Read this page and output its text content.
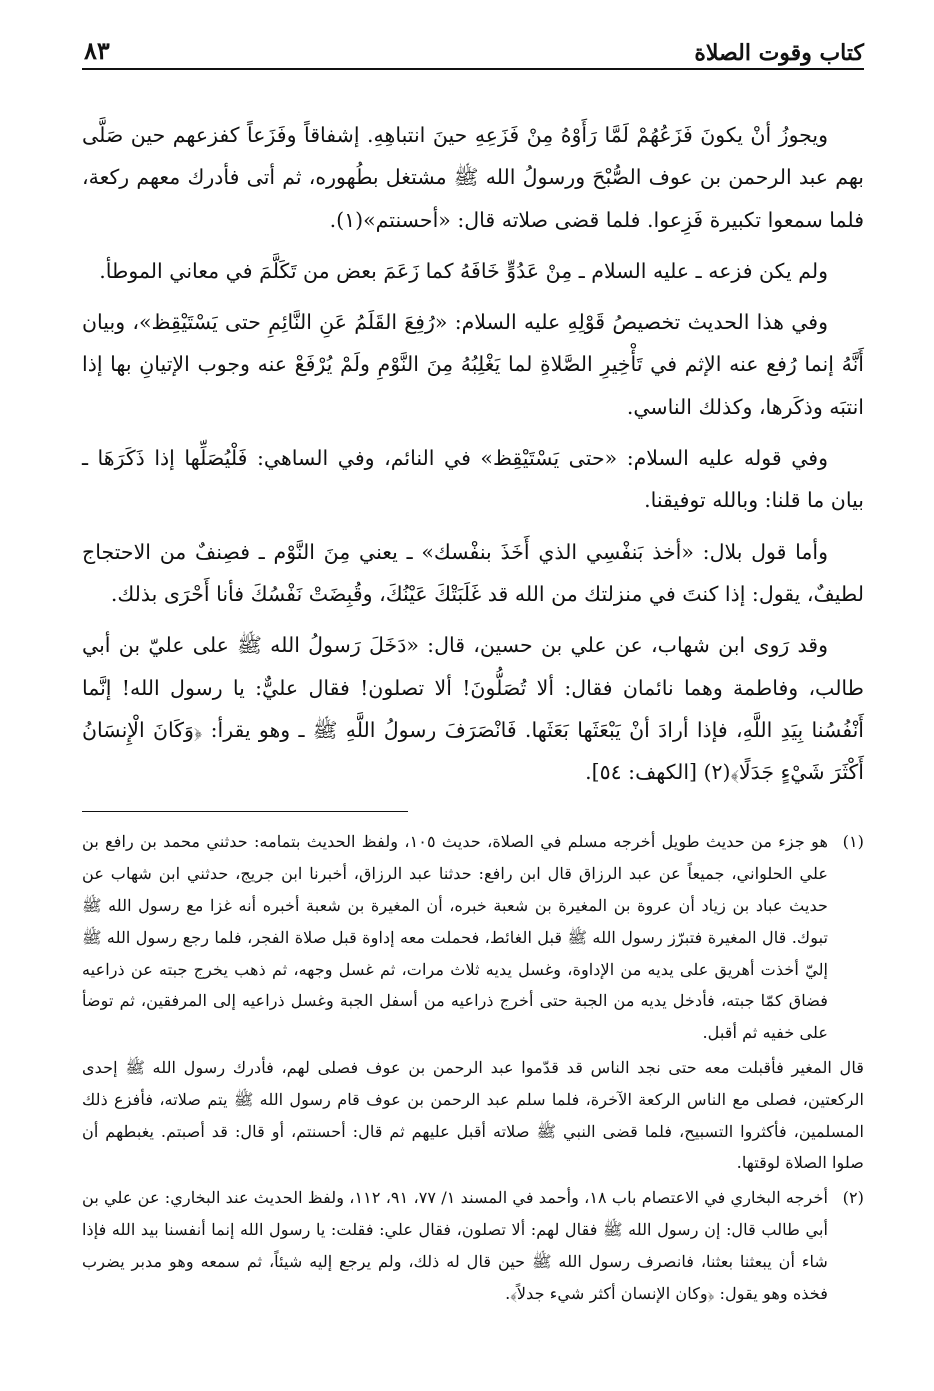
كتاب وقوت الصلاة
٨٣

ويجوزُ أنْ يكونَ فَزَعُهُمْ لَمَّا رَأَوْهُ مِنْ فَزَعِهِ حينَ انتباهِهِ. إشفاقاً وفَزَعاً كفزعهم حين صَلَّى بهم عبد الرحمن بن عوف الصُّبْحَ ورسولُ الله ﷺ مشتغل بطُهوره، ثم أتى فأدرك معهم ركعة، فلما سمعوا تكبيرة فَزِعوا. فلما قضى صلاته قال: «أحسنتم»(١).

ولم يكن فزعه ـ عليه السلام ـ مِنْ عَدُوٍّ خَافَهُ كما زَعَمَ بعض من تَكَلَّمَ في معاني الموطأ.

وفي هذا الحديث تخصيصُ قَوْلِهِ عليه السلام: «رُفِعَ القَلَمُ عَنِ النَّائِمِ حتى يَسْتَيْقِظ»، وبيان أَنَّهُ إنما رُفع عنه الإثم في تَأْخِيرِ الصَّلاةِ لما يَغْلِبُهُ مِنَ النَّوْمِ ولَمْ يُرْفَعْ عنه وجوب الإتيانِ بها إذا انتبَه وذكَرها، وكذلك الناسي.

وفي قوله عليه السلام: «حتى يَسْتَيْقِظ» في النائم، وفي الساهي: فَلْيُصَلِّها إذا ذَكَرَهَا ـ بيان ما قلنا: وبالله توفيقنا.

وأما قول بلال: «أخذ بَنفْسِي الذي أَخَذَ بنفْسك» ـ يعني مِنَ النَّوْم ـ فصِنفٌ من الاحتجاج لطيفٌ، يقول: إذا كنتَ في منزلتك من الله قد غَلَبَتْكَ عَيْنُكَ، وقُبِضَتْ نَفْسُكَ فأنا أَحْرَى بذلك.

وقد رَوى ابن شهاب، عن علي بن حسين، قال: «دَخَلَ رَسولُ الله ﷺ على عليّ بن أبي طالب، وفاطمة وهما نائمان فقال: ألا تُصَلُّونَ! ألا تصلون! فقال عليٌّ: يا رسول الله! إنَّما أَنْفُسُنا بِيَدِ اللَّهِ، فإذا أرادَ أنْ يَبْعَثَها بَعَثَها. فَانْصَرَفَ رسولُ اللَّهِ ﷺ ـ وهو يقرأ: ﴿وَكَانَ الْإِنسَانُ أَكْثَرَ شَيْءٍ جَدَلًا﴾(٢) [الكهف: ٥٤].

(١)
هو جزء من حديث طويل أخرجه مسلم في الصلاة، حديث ١٠٥، ولفظ الحديث بتمامه: حدثني محمد بن رافع بن علي الحلواني، جميعاً عن عبد الرزاق قال ابن رافع: حدثنا عبد الرزاق، أخبرنا ابن جريج، حدثني ابن شهاب عن حديث عباد بن زياد أن عروة بن المغيرة بن شعبة خبره، أن المغيرة بن شعبة أخبره أنه غزا مع رسول الله ﷺ تبوك. قال المغيرة فتبرّز رسول الله ﷺ قبل الغائط، فحملت معه إداوة قبل صلاة الفجر، فلما رجع رسول الله ﷺ إليّ أخذت أهريق على يديه من الإداوة، وغسل يديه ثلاث مرات، ثم غسل وجهه، ثم ذهب يخرج جبته عن ذراعيه فضاق كمّا جبته، فأدخل يديه من الجبة حتى أخرج ذراعيه من أسفل الجبة وغسل ذراعيه إلى المرفقين، ثم توضأ على خفيه ثم أقبل.
قال المغير فأقبلت معه حتى نجد الناس قد قدّموا عبد الرحمن بن عوف فصلى لهم، فأدرك رسول الله ﷺ إحدى الركعتين، فصلى مع الناس الركعة الآخرة، فلما سلم عبد الرحمن بن عوف قام رسول الله ﷺ يتم صلاته، فأفزع ذلك المسلمين، فأكثروا التسبيح، فلما قضى النبي ﷺ صلاته أقبل عليهم ثم قال: أحسنتم، أو قال: قد أصبتم. يغبطهم أن صلوا الصلاة لوقتها.
(٢)
أخرجه البخاري في الاعتصام باب ١٨، وأحمد في المسند ١/ ٧٧، ٩١، ١١٢، ولفظ الحديث عند البخاري: عن علي بن أبي طالب قال: إن رسول الله ﷺ فقال لهم: ألا تصلون، فقال علي: فقلت: يا رسول الله إنما أنفسنا بيد الله فإذا شاء أن يبعثنا بعثنا، فانصرف رسول الله ﷺ حين قال له ذلك، ولم يرجع إليه شيئاً، ثم سمعه وهو مدبر يضرب فخذه وهو يقول: ﴿وكان الإنسان أكثر شيء جدلاً﴾.
